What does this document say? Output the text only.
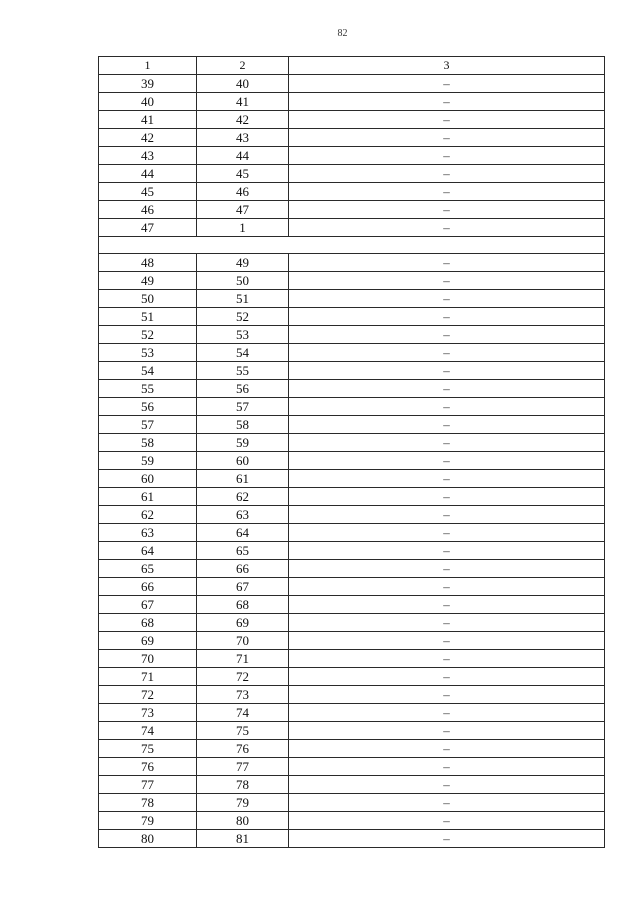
82
1	2	3
39	40	–
40	41	–
41	42	–
42	43	–
43	44	–
44	45	–
45	46	–
46	47	–
47	1	–

48	49	–
49	50	–
50	51	–
51	52	–
52	53	–
53	54	–
54	55	–
55	56	–
56	57	–
57	58	–
58	59	–
59	60	–
60	61	–
61	62	–
62	63	–
63	64	–
64	65	–
65	66	–
66	67	–
67	68	–
68	69	–
69	70	–
70	71	–
71	72	–
72	73	–
73	74	–
74	75	–
75	76	–
76	77	–
77	78	–
78	79	–
79	80	–
80	81	–
